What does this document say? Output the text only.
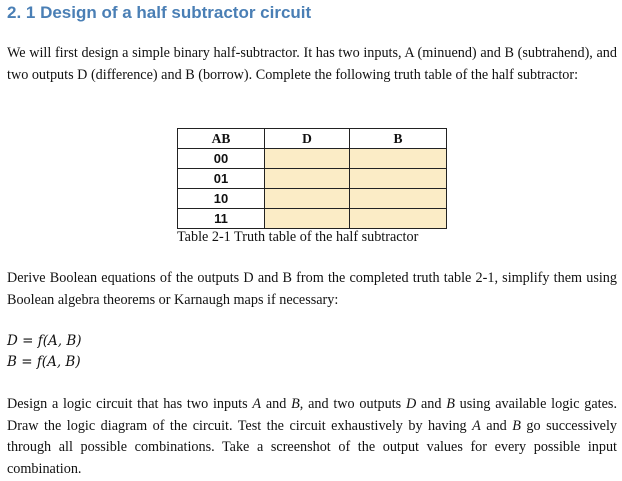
2. 1 Design of a half subtractor circuit

We will first design a simple binary half-subtractor. It has two inputs, A (minuend) and B (subtrahend), and two outputs D (difference) and B (borrow). Complete the following truth table of the half subtractor:

AB	D	B
00		
01		
10		
11		
Table 2-1 Truth table of the half subtractor

Derive Boolean equations of the outputs D and B from the completed truth table 2-1, simplify them using Boolean algebra theorems or Karnaugh maps if necessary:

D = f(A, B)
B = f(A, B)

Design a logic circuit that has two inputs A and B, and two outputs D and B using available logic gates. Draw the logic diagram of the circuit. Test the circuit exhaustively by having A and B go successively through all possible combinations. Take a screenshot of the output values for every possible input combination.
